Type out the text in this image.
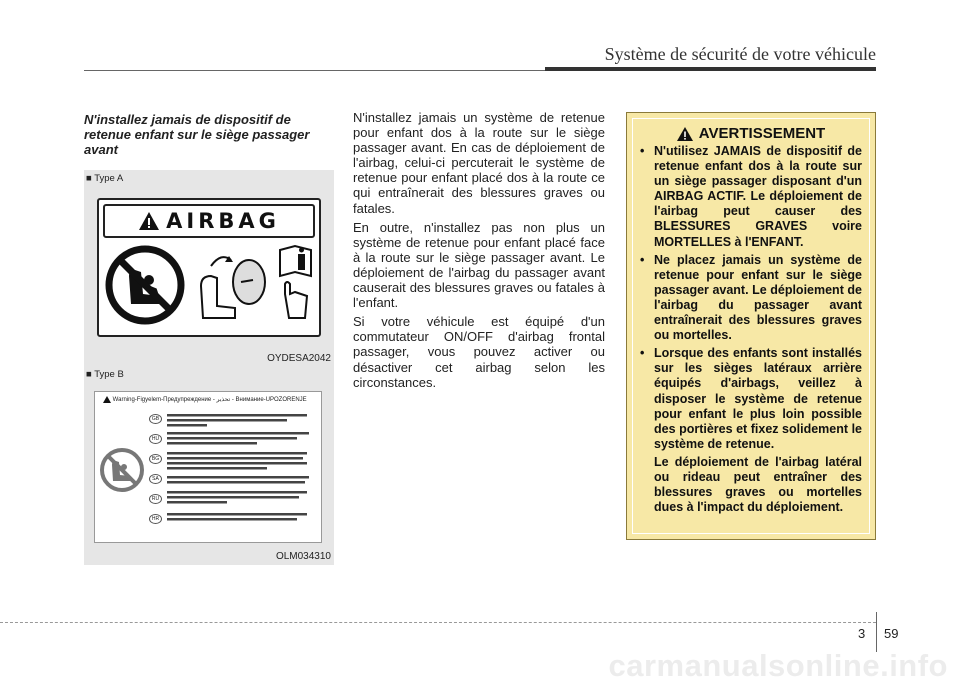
Système de sécurité de votre véhicule
N'installez jamais de dispositif de retenue enfant sur le siège passager avant
■ Type A
AIRBAG
OYDESA2042
■ Type B
Warning-Figyelem-Предупреждение - تحذير - Внимание-UPOZORENJE
GB
HU
BG
SA
RU
HR
OLM034310

N'installez jamais un système de retenue pour enfant dos à la route sur le siège passager avant. En cas de déploiement de l'airbag, celui-ci percuterait le système de retenue pour enfant placé dos à la route ce qui entraînerait des blessures graves ou fatales.

En outre, n'installez pas non plus un système de retenue pour enfant placé face à la route sur le siège passager avant. Le déploiement de l'airbag du passager avant causerait des blessures graves ou fatales à l'enfant.

Si votre véhicule est équipé d'un commutateur ON/OFF d'airbag frontal passager, vous pouvez activer ou désactiver cet airbag selon les circonstances.

AVERTISSEMENT
• N'utilisez JAMAIS de dispositif de retenue enfant dos à la route sur un siège passager disposant d'un AIRBAG ACTIF. Le déploiement de l'airbag peut causer des BLESSURES GRAVES voire MORTELLES à l'ENFANT.
• Ne placez jamais un système de retenue pour enfant sur le siège passager avant. Le déploiement de l'airbag du passager avant entraînerait des blessures graves ou mortelles.
• Lorsque des enfants sont installés sur les sièges latéraux arrière équipés d'airbags, veillez à disposer le système de retenue pour enfant le plus loin possible des portières et fixez solidement le système de retenue.
Le déploiement de l'airbag latéral ou rideau peut entraîner des blessures graves ou mortelles dues à l'impact du déploiement.
3 59
carmanualsonline.info
